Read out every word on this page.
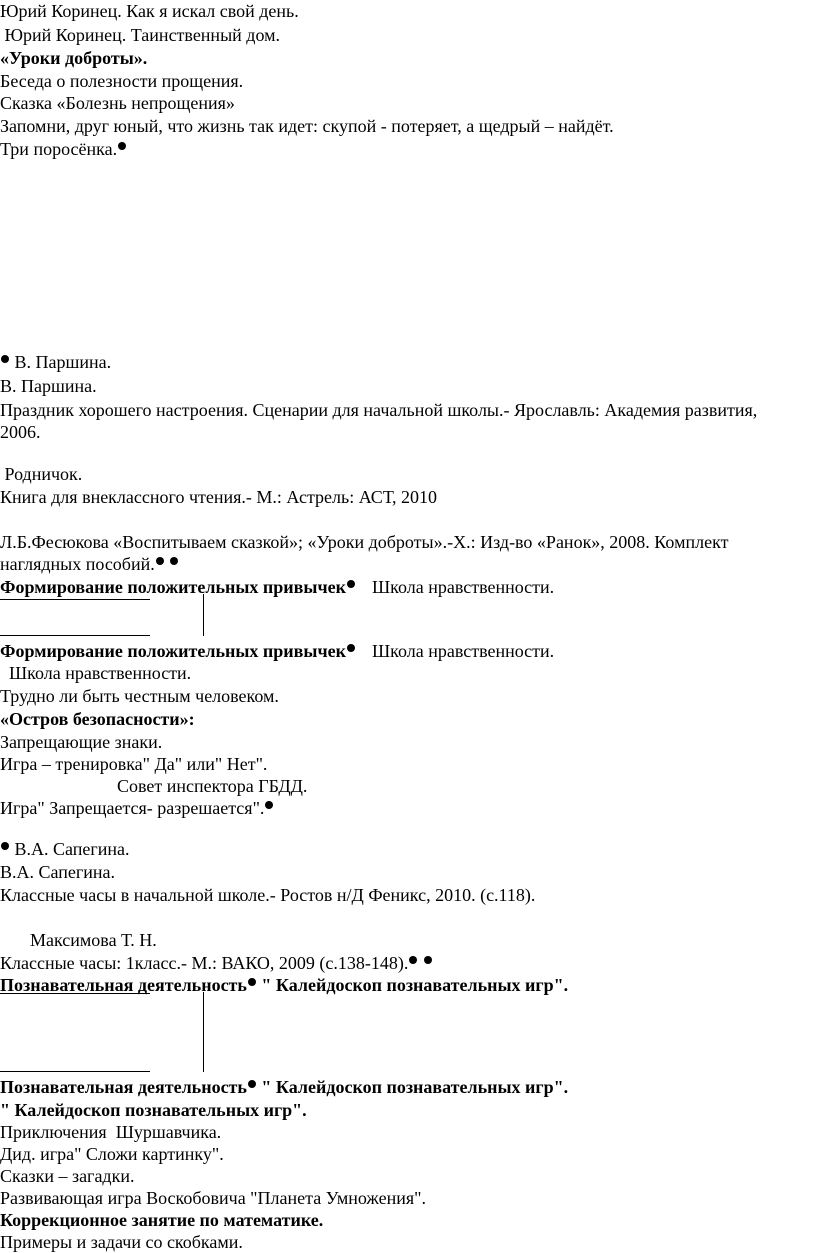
Юрий Коринец. Как я искал свой день.
Юрий Коринец. Таинственный дом.
«Уроки доброты».
Беседа о полезности прощения.
Сказка «Болезнь непрощения»
Запомни, друг юный, что жизнь так идет: скупой - потеряет, а щедрый – найдёт.
Три поросёнка.
В. Паршина.
В. Паршина.
Праздник хорошего настроения. Сценарии для начальной школы.- Ярославль: Академия развития,
2006.
Родничок.
Книга для внеклассного чтения.- М.: Астрель: АСТ, 2010
Л.Б.Фесюкова «Воспитываем сказкой»; «Уроки доброты».-Х.: Изд-во «Ранок», 2008. Комплект
наглядных пособий.
Формирование положительных привычек Школа нравственности.
Формирование положительных привычек Школа нравственности.
Школа нравственности.
Трудно ли быть честным человеком.
«Остров безопасности»:
Запрещающие знаки.
Игра – тренировка" Да" или" Нет".
Совет инспектора ГБДД.
Игра" Запрещается- разрешается".
В.А. Сапегина.
В.А. Сапегина.
Классные часы в начальной школе.- Ростов н/Д Феникс, 2010. (с.118).
Максимова Т. Н.
Классные часы: 1класс.- М.: ВАКО, 2009 (с.138-148).
Познавательная деятельность " Калейдоскоп познавательных игр".
Познавательная деятельность " Калейдоскоп познавательных игр".
" Калейдоскоп познавательных игр".
Приключения  Шуршавчика.
Дид. игра" Сложи картинку".
Сказки – загадки.
Развивающая игра Воскобовича "Планета Умножения".
Коррекционное занятие по математике.
Примеры и задачи со скобками.
